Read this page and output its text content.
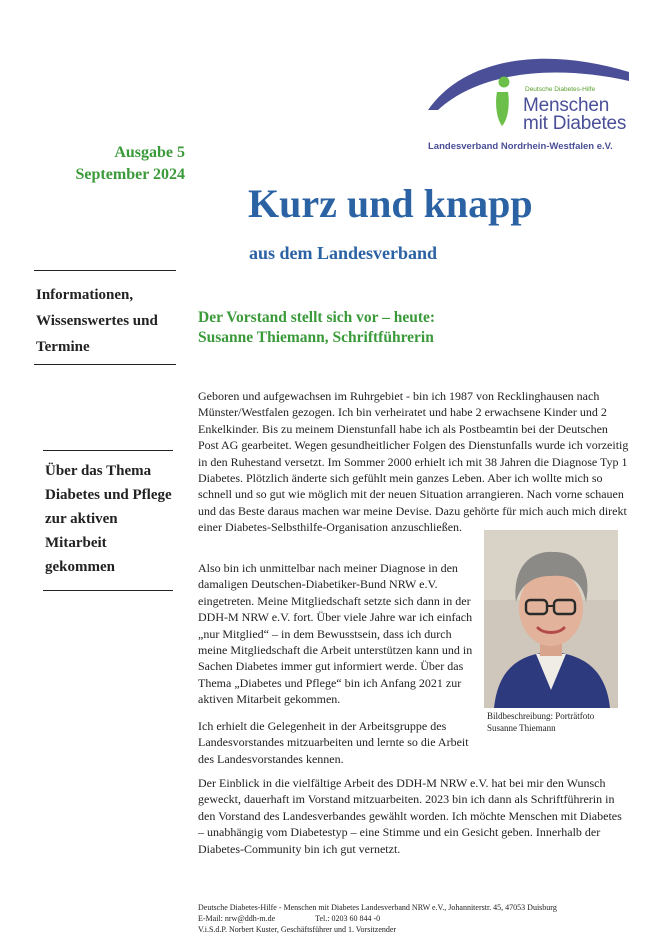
Deutsche Diabetes-Hilfe
Menschen
mit Diabetes
Landesverband Nordrhein-Westfalen e.V.
Ausgabe 5
September 2024
Kurz und knapp
aus dem Landesverband
Informationen, Wissenswertes und Termine
Über das Thema Diabetes und Pflege zur aktiven Mitarbeit gekommen
Der Vorstand stellt sich vor – heute:
Susanne Thiemann, Schriftführerin
Geboren und aufgewachsen im Ruhrgebiet - bin ich 1987 von Recklinghausen nach Münster/Westfalen gezogen. Ich bin verheiratet und habe 2 erwachsene Kinder und 2 Enkelkinder. Bis zu meinem Dienstunfall habe ich als Postbeamtin bei der Deutschen Post AG gearbeitet. Wegen gesundheitlicher Folgen des Dienstunfalls wurde ich vorzeitig in den Ruhestand versetzt. Im Sommer 2000 erhielt ich mit 38 Jahren die Diagnose Typ 1 Diabetes. Plötzlich änderte sich gefühlt mein ganzes Leben. Aber ich wollte mich so schnell und so gut wie möglich mit der neuen Situation arrangieren. Nach vorne schauen und das Beste daraus machen war meine Devise. Dazu gehörte für mich auch mich direkt einer Diabetes-Selbsthilfe-Organisation anzuschließen.
Also bin ich unmittelbar nach meiner Diagnose in den damaligen Deutschen-Diabetiker-Bund NRW e.V. eingetreten. Meine Mitgliedschaft setzte sich dann in der DDH-M NRW e.V. fort. Über viele Jahre war ich einfach „nur Mitglied“ – in dem Bewusstsein, dass ich durch meine Mitgliedschaft die Arbeit unterstützen kann und in Sachen Diabetes immer gut informiert werde. Über das Thema „Diabetes und Pflege“ bin ich Anfang 2021 zur aktiven Mitarbeit gekommen.
Ich erhielt die Gelegenheit in der Arbeitsgruppe des Landesvorstandes mitzuarbeiten und lernte so die Arbeit des Landesvorstandes kennen.
Der Einblick in die vielfältige Arbeit des DDH-M NRW e.V. hat bei mir den Wunsch geweckt, dauerhaft im Vorstand mitzuarbeiten. 2023 bin ich dann als Schriftführerin in den Vorstand des Landesverbandes gewählt worden. Ich möchte Menschen mit Diabetes – unabhängig vom Diabetestyp – eine Stimme und ein Gesicht geben. Innerhalb der Diabetes-Community bin ich gut vernetzt.
Bildbeschreibung: Porträtfoto
Susanne Thiemann
Deutsche Diabetes-Hilfe - Menschen mit Diabetes Landesverband NRW e.V., Johanniterstr. 45, 47053 Duisburg
E-Mail: nrw@ddh-m.de	Tel.: 0203 60 844 -0
V.i.S.d.P. Norbert Kuster, Geschäftsführer und 1. Vorsitzender
